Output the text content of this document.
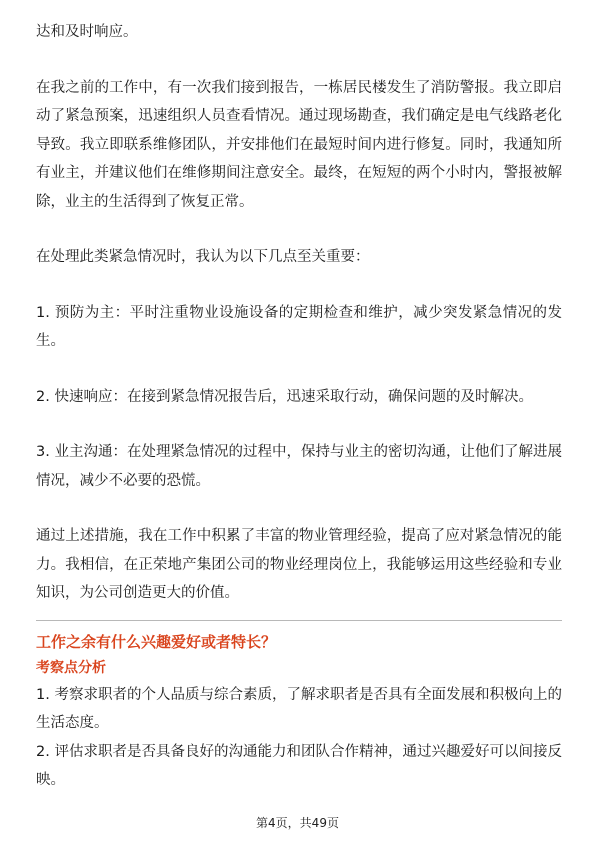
达和及时响应。

在我之前的工作中，有一次我们接到报告，一栋居民楼发生了消防警报。我立即启动了紧急预案，迅速组织人员查看情况。通过现场勘查，我们确定是电气线路老化导致。我立即联系维修团队，并安排他们在最短时间内进行修复。同时，我通知所有业主，并建议他们在维修期间注意安全。最终，在短短的两个小时内，警报被解除，业主的生活得到了恢复正常。

在处理此类紧急情况时，我认为以下几点至关重要：

1. 预防为主：平时注重物业设施设备的定期检查和维护，减少突发紧急情况的发生。

2. 快速响应：在接到紧急情况报告后，迅速采取行动，确保问题的及时解决。

3. 业主沟通：在处理紧急情况的过程中，保持与业主的密切沟通，让他们了解进展情况，减少不必要的恐慌。

通过上述措施，我在工作中积累了丰富的物业管理经验，提高了应对紧急情况的能力。我相信，在正荣地产集团公司的物业经理岗位上，我能够运用这些经验和专业知识，为公司创造更大的价值。

工作之余有什么兴趣爱好或者特长？

考察点分析

1. 考察求职者的个人品质与综合素质，了解求职者是否具有全面发展和积极向上的生活态度。

2. 评估求职者是否具备良好的沟通能力和团队合作精神，通过兴趣爱好可以间接反映。

第4页，共49页
